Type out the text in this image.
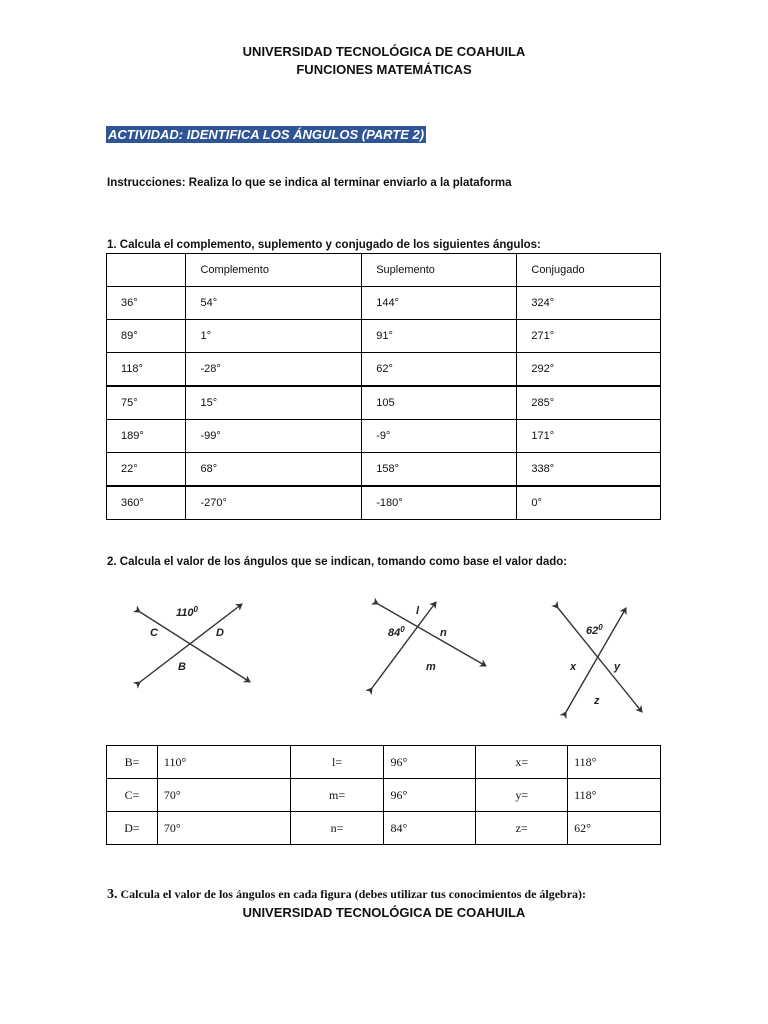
UNIVERSIDAD TECNOLÓGICA DE COAHUILA
FUNCIONES MATEMÁTICAS
ACTIVIDAD: IDENTIFICA LOS ÁNGULOS (PARTE 2)
Instrucciones: Realiza lo que se indica al terminar enviarlo a la plataforma
1. Calcula el complemento, suplemento y conjugado de los siguientes ángulos:
	Complemento	Suplemento	Conjugado
36°	54°	144°	324°
89°	1°	91°	271°
118°	-28°	62°	292°
75°	15°	105	285°
189°	-99°	-9°	171°
22°	68°	158°	338°
360°	-270°	-180°	0°
2. Calcula el valor de los ángulos que se indican, tomando como base el valor dado:
$110^0$
C	D
B
$84^0$
l
n
m
$62^0$
x	y
z
B=	110°	l=	96°	x=	118°
C=	70°	m=	96°	y=	118°
D=	70°	n=	84°	z=	62°
3. Calcula el valor de los ángulos en cada figura (debes utilizar tus conocimientos de álgebra):
UNIVERSIDAD TECNOLÓGICA DE COAHUILA
